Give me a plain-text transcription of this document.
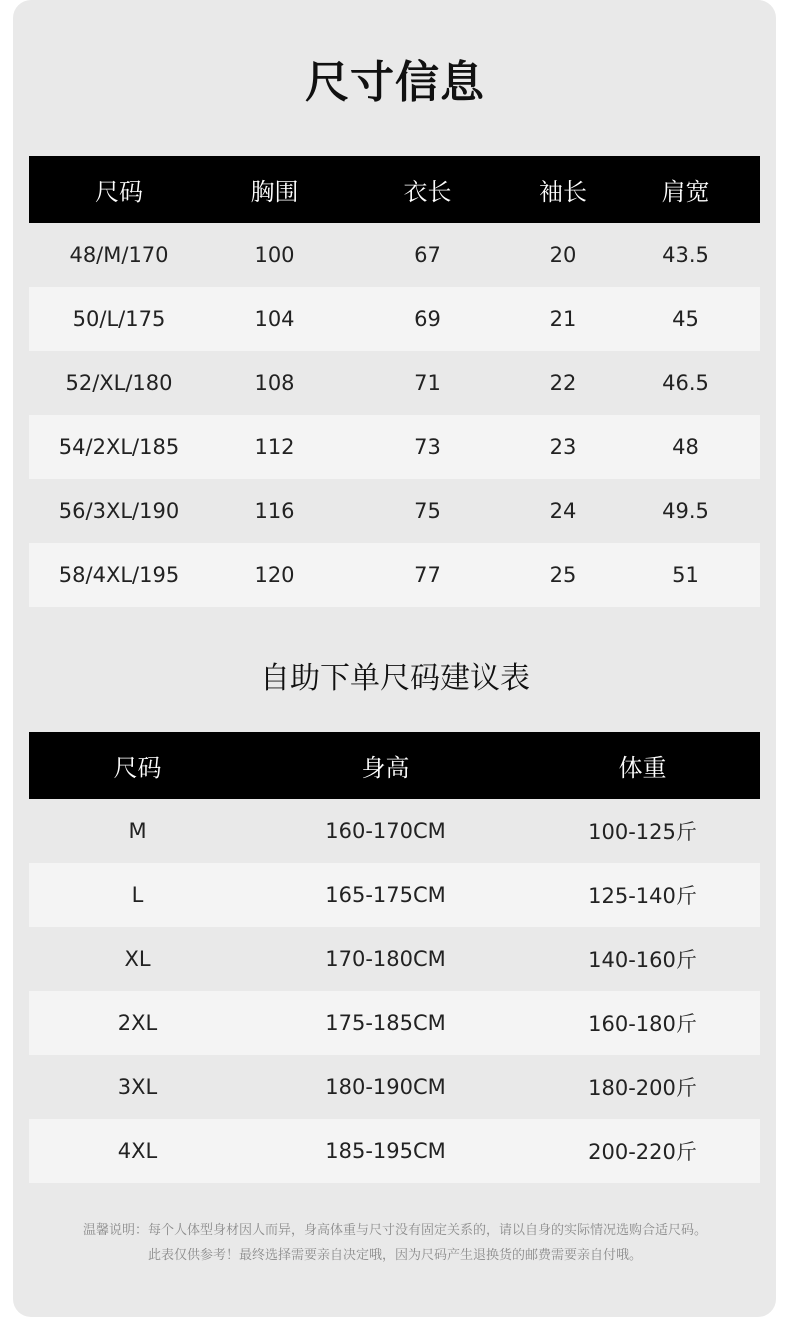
尺寸信息
尺码	胸围	衣长	袖长	肩宽
48/M/170	100	67	20	43.5
50/L/175	104	69	21	45
52/XL/180	108	71	22	46.5
54/2XL/185	112	73	23	48
56/3XL/190	116	75	24	49.5
58/4XL/195	120	77	25	51
自助下单尺码建议表
尺码	身高	体重
M	160-170CM	100-125斤
L	165-175CM	125-140斤
XL	170-180CM	140-160斤
2XL	175-185CM	160-180斤
3XL	180-190CM	180-200斤
4XL	185-195CM	200-220斤
温馨说明：每个人体型身材因人而异，身高体重与尺寸没有固定关系的，请以自身的实际情况选购合适尺码。
此表仅供参考！最终选择需要亲自决定哦，因为尺码产生退换货的邮费需要亲自付哦。
